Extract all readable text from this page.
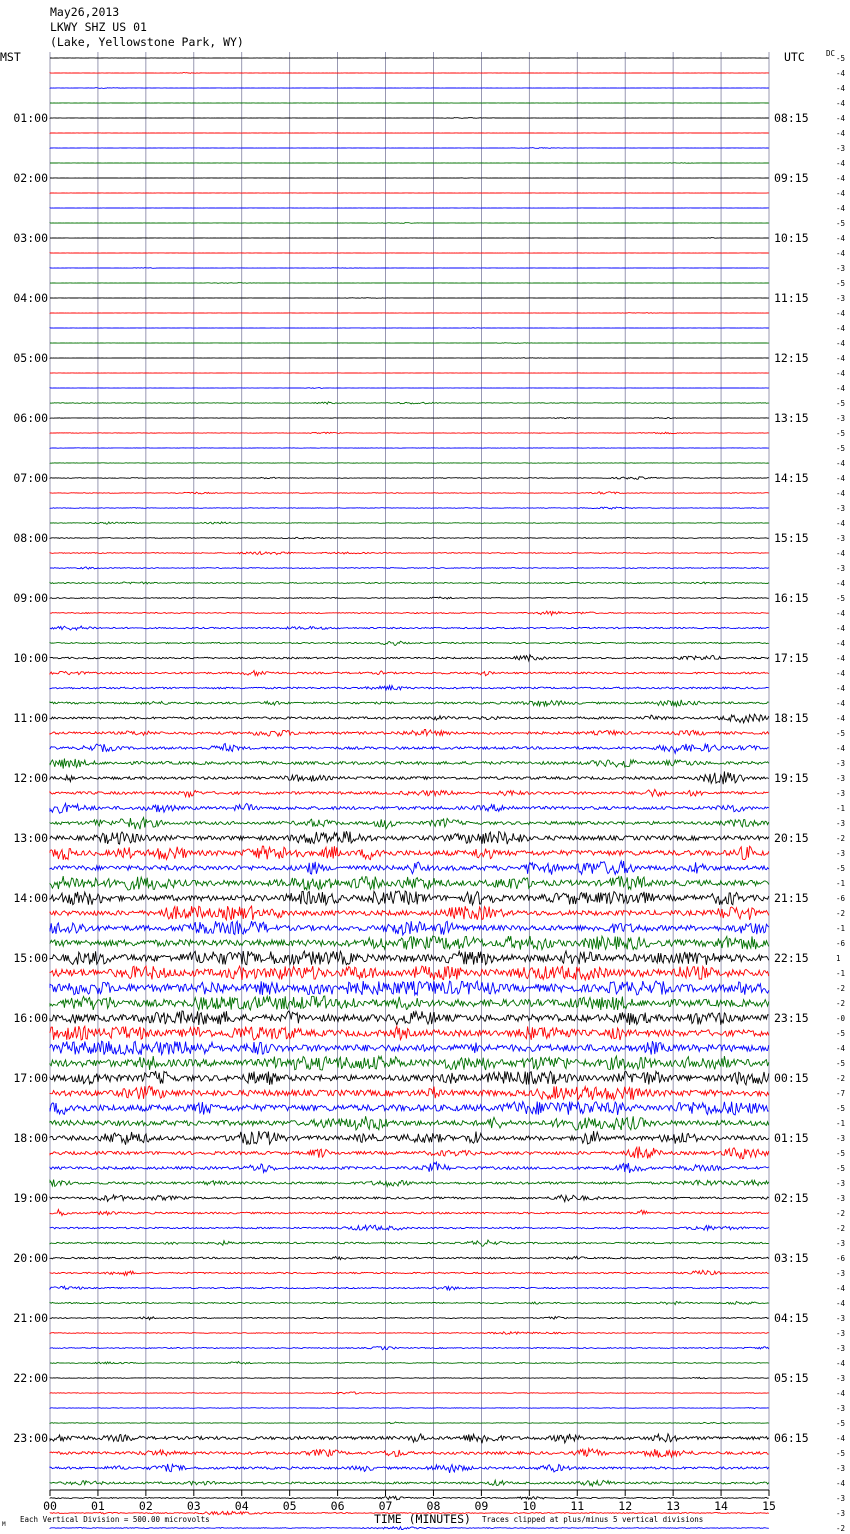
May26,2013
LKWY SHZ US 01
(Lake, Yellowstone Park, WY)
MST	UTC	DC
TIME (MINUTES)
Each Vertical Division = 500.00 microvolts	Traces clipped at plus/minus 5 vertical divisions
M
00	01	02	03	04	05	06	07	08	09	10	11	12	13	14	15
01:00
02:00
03:00
04:00
05:00
06:00
07:00
08:00
09:00
10:00
11:00
12:00
13:00
14:00
15:00
16:00
17:00
18:00
19:00
20:00
21:00
22:00
23:00
08:15
09:15
10:15
11:15
12:15
13:15
14:15
15:15
16:15
17:15
18:15
19:15
20:15
21:15
22:15
23:15
00:15
01:15
02:15
03:15
04:15
05:15
06:15
-5
-4
-4
-4
-4
-4
-3
-4
-4
-4
-4
-5
-4
-4
-3
-5
-3
-4
-4
-4
-4
-4
-4
-5
-3
-5
-5
-4
-4
-4
-3
-4
-3
-4
-3
-4
-5
-4
-4
-4
-4
-4
-4
-4
-4
-5
-4
-3
-3
-3
-1
-3
-2
-3
-5
-1
-6
-2
-1
-6
1
-1
-2
-2
-0
-5
-4
-5
-2
-7
-5
-1
-3
-5
-5
-3
-3
-2
-2
-3
-6
-3
-4
-4
-3
-3
-3
-4
-3
-4
-3
-5
-4
-5
-3
-4
-3
-3
-2
